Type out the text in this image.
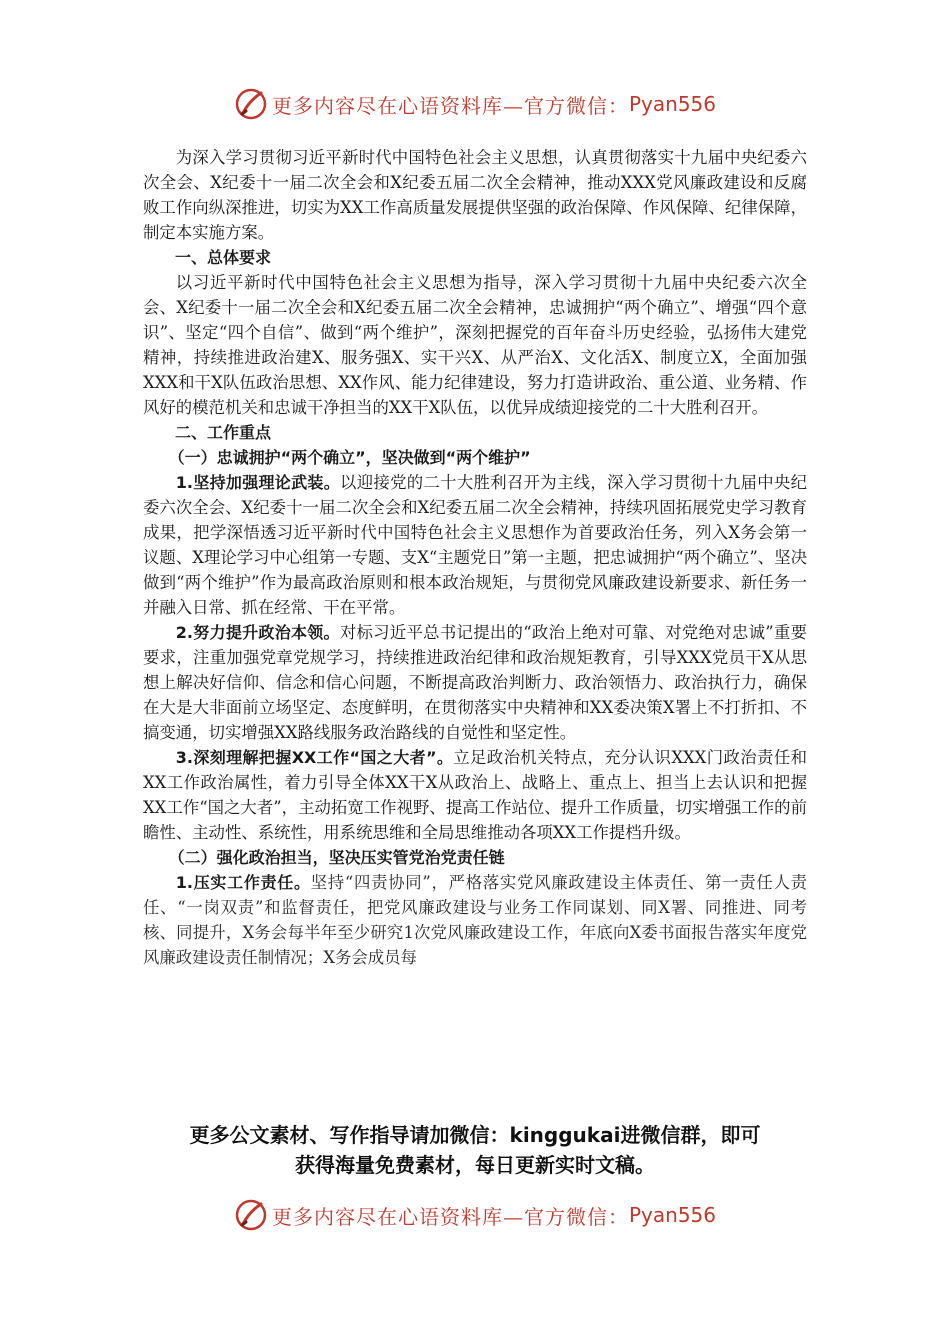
更多内容尽在心语资料库—官方微信： Pyan556

为深入学习贯彻习近平新时代中国特色社会主义思想，认真贯彻落实十九届中央纪委六次全会、X纪委十一届二次全会和X纪委五届二次全会精神，推动XXX党风廉政建设和反腐败工作向纵深推进，切实为XX工作高质量发展提供坚强的政治保障、作风保障、纪律保障，制定本实施方案。

一、总体要求

以习近平新时代中国特色社会主义思想为指导，深入学习贯彻十九届中央纪委六次全会、X纪委十一届二次全会和X纪委五届二次全会精神，忠诚拥护“两个确立”、增强“四个意识”、坚定“四个自信”、做到“两个维护”，深刻把握党的百年奋斗历史经验，弘扬伟大建党精神，持续推进政治建X、服务强X、实干兴X、从严治X、文化活X、制度立X，全面加强XXX和干X队伍政治思想、XX作风、能力纪律建设，努力打造讲政治、重公道、业务精、作风好的模范机关和忠诚干净担当的XX干X队伍，以优异成绩迎接党的二十大胜利召开。

二、工作重点

（一）忠诚拥护“两个确立”，坚决做到“两个维护”

1.坚持加强理论武装。以迎接党的二十大胜利召开为主线，深入学习贯彻十九届中央纪委六次全会、X纪委十一届二次全会和X纪委五届二次全会精神，持续巩固拓展党史学习教育成果，把学深悟透习近平新时代中国特色社会主义思想作为首要政治任务，列入X务会第一议题、X理论学习中心组第一专题、支X“主题党日”第一主题，把忠诚拥护“两个确立”、坚决做到“两个维护”作为最高政治原则和根本政治规矩，与贯彻党风廉政建设新要求、新任务一并融入日常、抓在经常、干在平常。

2.努力提升政治本领。对标习近平总书记提出的“政治上绝对可靠、对党绝对忠诚”重要要求，注重加强党章党规学习，持续推进政治纪律和政治规矩教育，引导XXX党员干X从思想上解决好信仰、信念和信心问题，不断提高政治判断力、政治领悟力、政治执行力，确保在大是大非面前立场坚定、态度鲜明，在贯彻落实中央精神和XX委决策X署上不打折扣、不搞变通，切实增强XX路线服务政治路线的自觉性和坚定性。

3.深刻理解把握XX工作“国之大者”。立足政治机关特点，充分认识XXX门政治责任和XX工作政治属性，着力引导全体XX干X从政治上、战略上、重点上、担当上去认识和把握XX工作“国之大者”，主动拓宽工作视野、提高工作站位、提升工作质量，切实增强工作的前瞻性、主动性、系统性，用系统思维和全局思维推动各项XX工作提档升级。

（二）强化政治担当，坚决压实管党治党责任链

1.压实工作责任。坚持“四责协同”，严格落实党风廉政建设主体责任、第一责任人责任、“一岗双责”和监督责任，把党风廉政建设与业务工作同谋划、同X署、同推进、同考核、同提升，X务会每半年至少研究1次党风廉政建设工作，年底向X委书面报告落实年度党风廉政建设责任制情况；X务会成员每

更多公文素材、写作指导请加微信：kinggukai进微信群，即可
获得海量免费素材，每日更新实时文稿。
更多内容尽在心语资料库—官方微信： Pyan556
